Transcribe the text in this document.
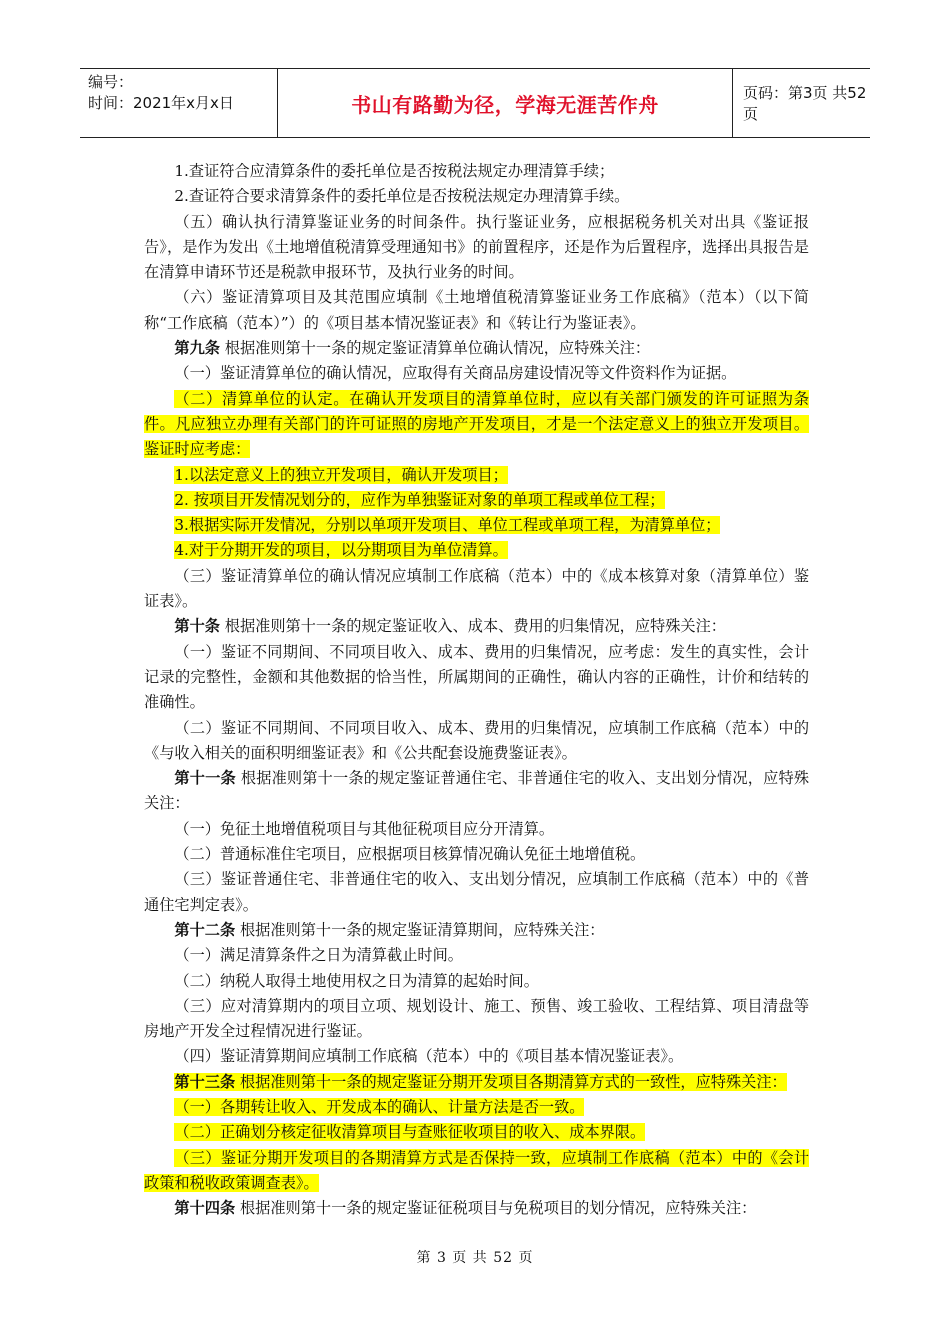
编号：
时间：2021年x月x日	书山有路勤为径，学海无涯苦作舟	页码：第3页 共52页

1.查证符合应清算条件的委托单位是否按税法规定办理清算手续；

2.查证符合要求清算条件的委托单位是否按税法规定办理清算手续。

（五）确认执行清算鉴证业务的时间条件。执行鉴证业务，应根据税务机关对出具《鉴证报告》，是作为发出《土地增值税清算受理通知书》的前置程序，还是作为后置程序，选择出具报告是在清算申请环节还是税款申报环节，及执行业务的时间。

（六）鉴证清算项目及其范围应填制《土地增值税清算鉴证业务工作底稿》（范本）（以下简称“工作底稿（范本）”）的《项目基本情况鉴证表》和《转让行为鉴证表》。

第九条 根据准则第十一条的规定鉴证清算单位确认情况，应特殊关注：

（一）鉴证清算单位的确认情况，应取得有关商品房建设情况等文件资料作为证据。

（二）清算单位的认定。在确认开发项目的清算单位时，应以有关部门颁发的许可证照为条件。凡应独立办理有关部门的许可证照的房地产开发项目，才是一个法定意义上的独立开发项目。鉴证时应考虑：

1.以法定意义上的独立开发项目，确认开发项目；

2. 按项目开发情况划分的，应作为单独鉴证对象的单项工程或单位工程；

3.根据实际开发情况，分别以单项开发项目、单位工程或单项工程，为清算单位；

4.对于分期开发的项目，以分期项目为单位清算。

（三）鉴证清算单位的确认情况应填制工作底稿（范本）中的《成本核算对象（清算单位）鉴证表》。

第十条 根据准则第十一条的规定鉴证收入、成本、费用的归集情况，应特殊关注：

（一）鉴证不同期间、不同项目收入、成本、费用的归集情况，应考虑：发生的真实性，会计记录的完整性，金额和其他数据的恰当性，所属期间的正确性，确认内容的正确性，计价和结转的准确性。

（二）鉴证不同期间、不同项目收入、成本、费用的归集情况，应填制工作底稿（范本）中的《与收入相关的面积明细鉴证表》和《公共配套设施费鉴证表》。

第十一条 根据准则第十一条的规定鉴证普通住宅、非普通住宅的收入、支出划分情况，应特殊关注：

（一）免征土地增值税项目与其他征税项目应分开清算。

（二）普通标准住宅项目，应根据项目核算情况确认免征土地增值税。

（三）鉴证普通住宅、非普通住宅的收入、支出划分情况，应填制工作底稿（范本）中的《普通住宅判定表》。

第十二条 根据准则第十一条的规定鉴证清算期间，应特殊关注：

（一）满足清算条件之日为清算截止时间。

（二）纳税人取得土地使用权之日为清算的起始时间。

（三）应对清算期内的项目立项、规划设计、施工、预售、竣工验收、工程结算、项目清盘等房地产开发全过程情况进行鉴证。

（四）鉴证清算期间应填制工作底稿（范本）中的《项目基本情况鉴证表》。

第十三条 根据准则第十一条的规定鉴证分期开发项目各期清算方式的一致性，应特殊关注：

（一）各期转让收入、开发成本的确认、计量方法是否一致。

（二）正确划分核定征收清算项目与查账征收项目的收入、成本界限。

（三）鉴证分期开发项目的各期清算方式是否保持一致，应填制工作底稿（范本）中的《会计政策和税收政策调查表》。

第十四条 根据准则第十一条的规定鉴证征税项目与免税项目的划分情况，应特殊关注：

第 3 页 共 52 页
